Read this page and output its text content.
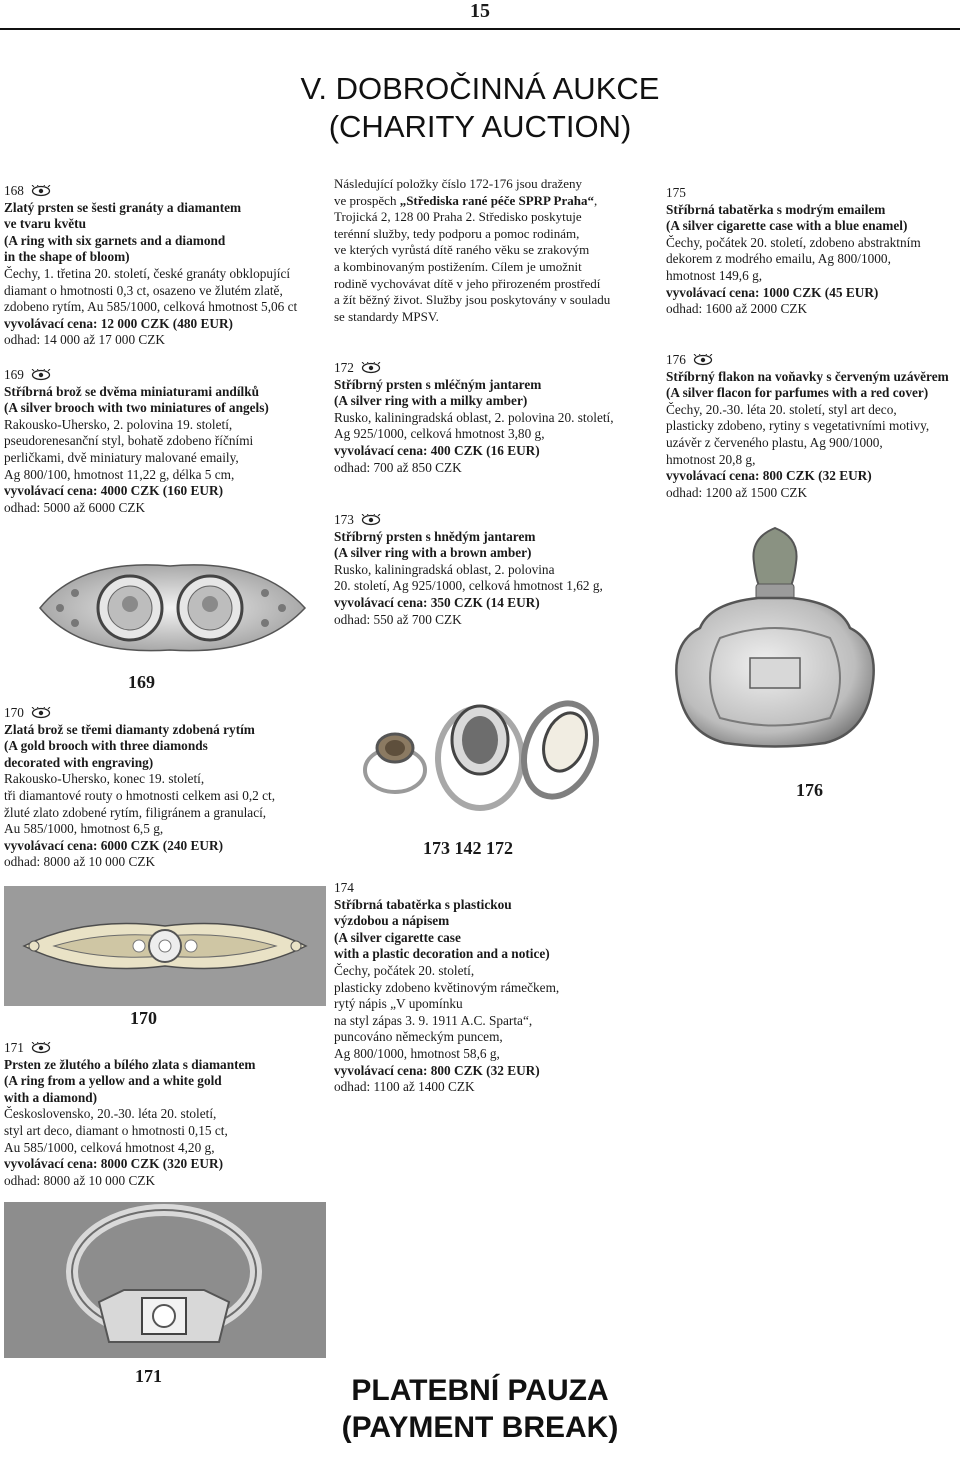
15
V. DOBROČINNÁ AUKCE
(CHARITY AUCTION)
168

Zlatý prsten se šesti granáty a diamantem

ve tvaru květu

(A ring with six garnets and a diamond

in the shape of bloom)

Čechy, 1. třetina 20. století, české granáty obklopující

diamant o hmotnosti 0,3 ct, osazeno ve žlutém zlatě,

zdobeno rytím, Au 585/1000, celková hmotnost 5,06 ct

vyvolávací cena: 12 000 CZK (480 EUR)

odhad: 14 000 až 17 000 CZK

169

Stříbrná brož se dvěma miniaturami andílků

(A silver brooch with two miniatures of angels)

Rakousko-Uhersko, 2. polovina 19. století,

pseudorenesanční styl, bohatě zdobeno říčními

perličkami, dvě miniatury malované emaily,

Ag 800/100, hmotnost 11,22 g, délka 5 cm,

vyvolávací cena: 4000 CZK (160 EUR)

odhad: 5000 až 6000 CZK

169
170

Zlatá brož se třemi diamanty zdobená rytím

(A gold brooch with three diamonds

decorated with engraving)

Rakousko-Uhersko, konec 19. století,

tři diamantové routy o hmotnosti celkem asi 0,2 ct,

žluté zlato zdobené rytím, filigránem a granulací,

Au 585/1000, hmotnost 6,5 g,

vyvolávací cena: 6000 CZK (240 EUR)

odhad: 8000 až 10 000 CZK

170
171

Prsten ze žlutého a bílého zlata s diamantem

(A ring from a yellow and a white gold

with a diamond)

Československo, 20.-30. léta 20. století,

styl art deco, diamant o hmotnosti 0,15 ct,

Au 585/1000, celková hmotnost 4,20 g,

vyvolávací cena: 8000 CZK (320 EUR)

odhad: 8000 až 10 000 CZK

171

Následující položky číslo 172-176 jsou draženy

ve prospěch „Střediska rané péče SPRP Praha“,

Trojická 2, 128 00 Praha 2. Středisko poskytuje

terénní služby, tedy podporu a pomoc rodinám,

ve kterých vyrůstá dítě raného věku se zrakovým

a kombinovaným postižením. Cílem je umožnit

rodině vychovávat dítě v jeho přirozeném prostředí

a žít běžný život. Služby jsou poskytovány v souladu

se standardy MPSV.

172

Stříbrný prsten s mléčným jantarem

(A silver ring with a milky amber)

Rusko, kaliningradská oblast, 2. polovina 20. století,

Ag 925/1000, celková hmotnost 3,80 g,

vyvolávací cena: 400 CZK (16 EUR)

odhad: 700 až 850 CZK

173

Stříbrný prsten s hnědým jantarem

(A silver ring with a brown amber)

Rusko, kaliningradská oblast, 2. polovina

20. století, Ag 925/1000, celková hmotnost 1,62 g,

vyvolávací cena: 350 CZK (14 EUR)

odhad: 550 až 700 CZK

173 142 172

174

Stříbrná tabatěrka s plastickou

výzdobou a nápisem

(A silver cigarette case

with a plastic decoration and a notice)

Čechy, počátek 20. století,

plasticky zdobeno květinovým rámečkem,

rytý nápis „V upomínku

na styl zápas 3. 9. 1911 A.C. Sparta“,

puncováno německým puncem,

Ag 800/1000, hmotnost 58,6 g,

vyvolávací cena: 800 CZK (32 EUR)

odhad: 1100 až 1400 CZK

175

Stříbrná tabatěrka s modrým emailem

(A silver cigarette case with a blue enamel)

Čechy, počátek 20. století, zdobeno abstraktním

dekorem z modrého emailu, Ag 800/1000,

hmotnost 149,6 g,

vyvolávací cena: 1000 CZK (45 EUR)

odhad: 1600 až 2000 CZK

176

Stříbrný flakon na voňavky s červeným uzávěrem

(A silver flacon for parfumes with a red cover)

Čechy, 20.-30. léta 20. století, styl art deco,

plasticky zdobeno, rytiny s vegetativními motivy,

uzávěr z červeného plastu, Ag 900/1000,

hmotnost 20,8 g,

vyvolávací cena: 800 CZK (32 EUR)

odhad: 1200 až 1500 CZK

176
PLATEBNÍ PAUZA
(PAYMENT BREAK)
